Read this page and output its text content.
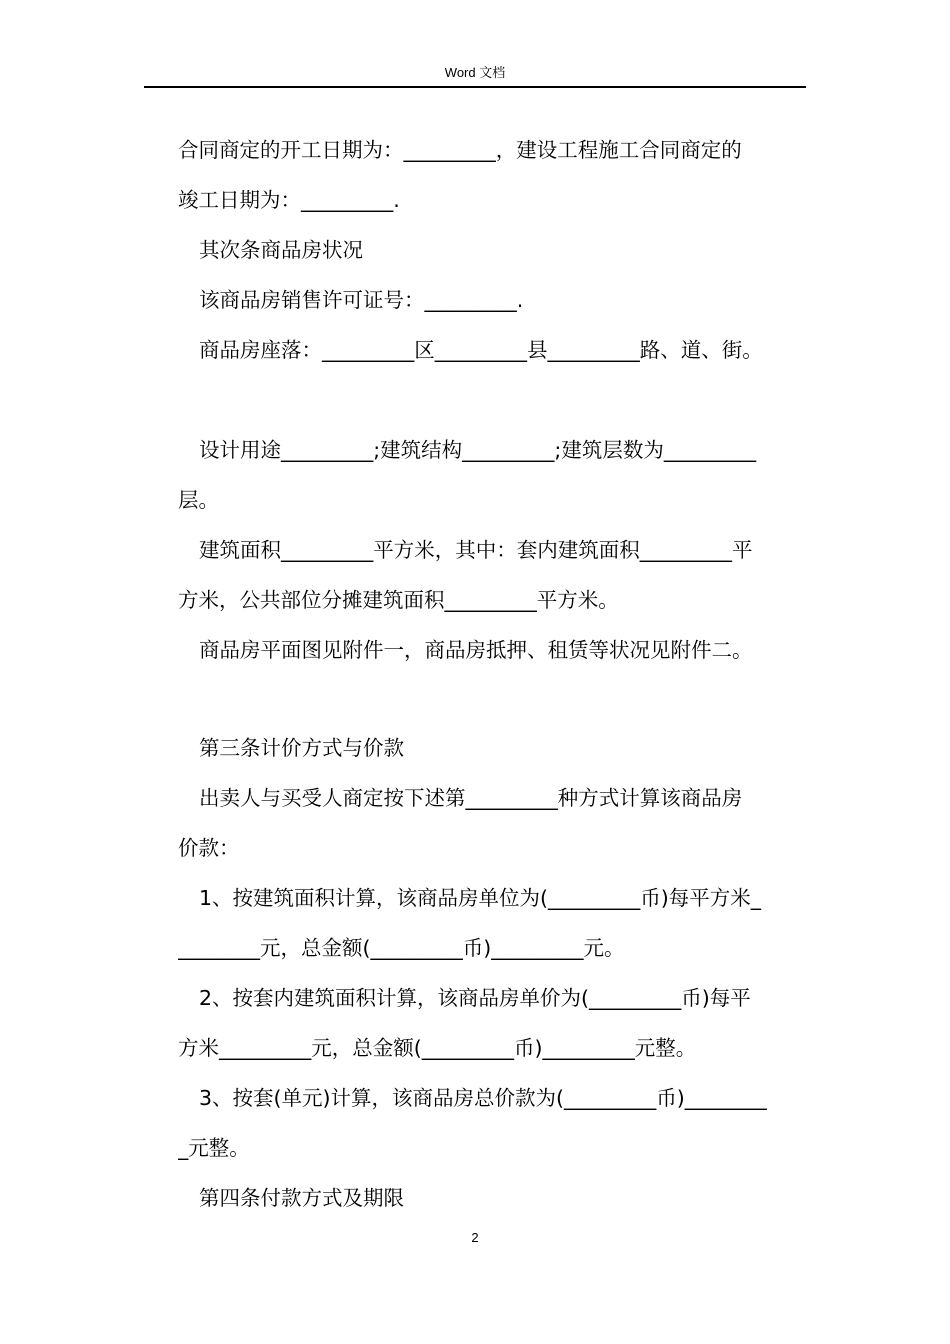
Word 文档
合同商定的开工日期为：_________，建设工程施工合同商定的
竣工日期为：_________.
其次条商品房状况
该商品房销售许可证号：_________.
商品房座落：_________区_________县_________路、道、街。
设计用途_________;建筑结构_________;建筑层数为_________
层。
建筑面积_________平方米，其中：套内建筑面积_________平
方米，公共部位分摊建筑面积_________平方米。
商品房平面图见附件一，商品房抵押、租赁等状况见附件二。
第三条计价方式与价款
出卖人与买受人商定按下述第_________种方式计算该商品房
价款：
1、按建筑面积计算，该商品房单位为(_________币)每平方米_
________元，总金额(_________币)_________元。
2、按套内建筑面积计算，该商品房单价为(_________币)每平
方米_________元，总金额(_________币)_________元整。
3、按套(单元)计算，该商品房总价款为(_________币)________
_元整。
第四条付款方式及期限
2
